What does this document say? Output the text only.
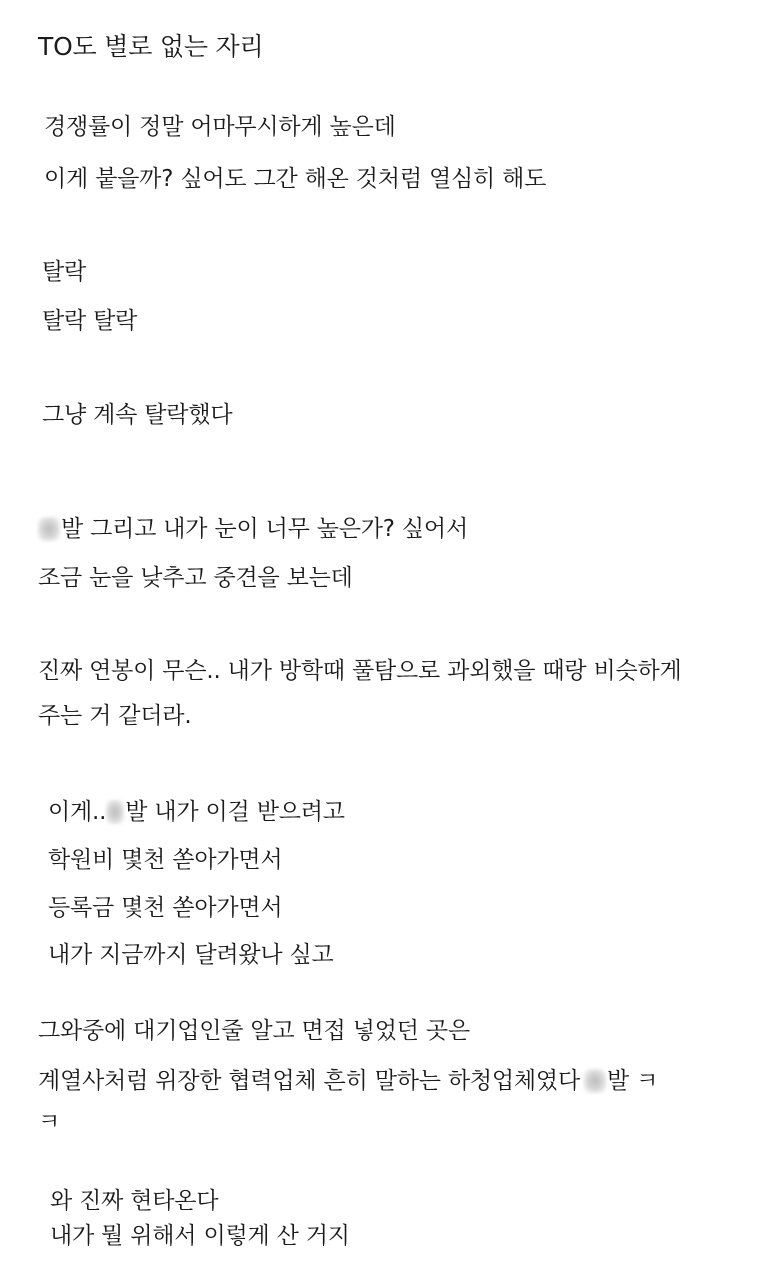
TO도 별로 없는 자리
경쟁률이 정말 어마무시하게 높은데
이게 붙을까? 싶어도 그간 해온 것처럼 열심히 해도
탈락
탈락 탈락
그냥 계속 탈락했다
발 그리고 내가 눈이 너무 높은가? 싶어서
조금 눈을 낮추고 중견을 보는데
진짜 연봉이 무슨.. 내가 방학때 풀탐으로 과외했을 때랑 비슷하게
주는 거 같더라.
이게.. 발 내가 이걸 받으려고
학원비 몇천 쏟아가면서
등록금 몇천 쏟아가면서
내가 지금까지 달려왔나 싶고
그와중에 대기업인줄 알고 면접 넣었던 곳은
계열사처럼 위장한 협력업체 흔히 말하는 하청업체였다 발 ㅋ
ㅋ
와 진짜 현타온다
내가 뭘 위해서 이렇게 산 거지
